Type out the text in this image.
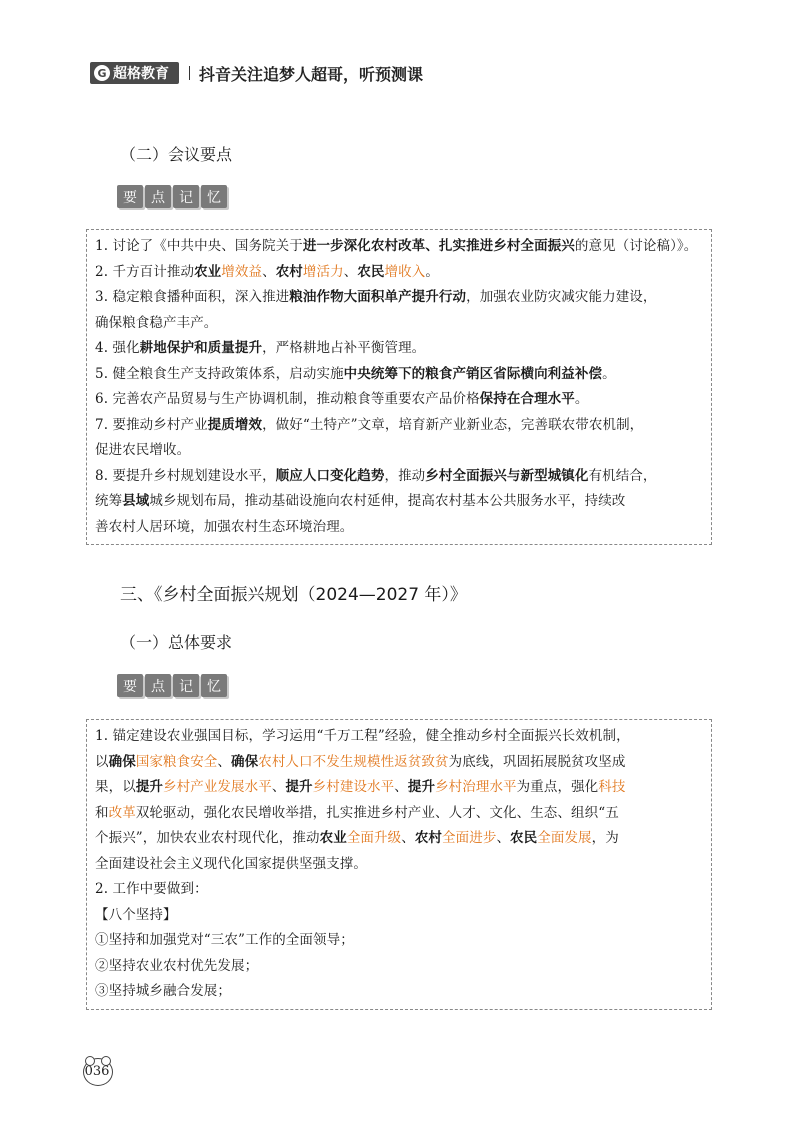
G 超格教育 抖音关注追梦人超哥，听预测课
（二）会议要点
要	点	记	忆
1. 讨论了《中共中央、国务院关于进一步深化农村改革、扎实推进乡村全面振兴的意见（讨论稿）》。
2. 千方百计推动农业增效益、农村增活力、农民增收入。
3. 稳定粮食播种面积，深入推进粮油作物大面积单产提升行动，加强农业防灾减灾能力建设，
确保粮食稳产丰产。
4. 强化耕地保护和质量提升，严格耕地占补平衡管理。
5. 健全粮食生产支持政策体系，启动实施中央统筹下的粮食产销区省际横向利益补偿。
6. 完善农产品贸易与生产协调机制，推动粮食等重要农产品价格保持在合理水平。
7. 要推动乡村产业提质增效，做好“土特产”文章，培育新产业新业态，完善联农带农机制，
促进农民增收。
8. 要提升乡村规划建设水平，顺应人口变化趋势，推动乡村全面振兴与新型城镇化有机结合，
统筹县域城乡规划布局，推动基础设施向农村延伸，提高农村基本公共服务水平，持续改
善农村人居环境，加强农村生态环境治理。
三、《乡村全面振兴规划（2024—2027 年）》
（一）总体要求
要	点	记	忆
1. 锚定建设农业强国目标，学习运用“千万工程”经验，健全推动乡村全面振兴长效机制，
以确保国家粮食安全、确保农村人口不发生规模性返贫致贫为底线，巩固拓展脱贫攻坚成
果，以提升乡村产业发展水平、提升乡村建设水平、提升乡村治理水平为重点，强化科技
和改革双轮驱动，强化农民增收举措，扎实推进乡村产业、人才、文化、生态、组织“五
个振兴”，加快农业农村现代化，推动农业全面升级、农村全面进步、农民全面发展，为
全面建设社会主义现代化国家提供坚强支撑。
2. 工作中要做到：
【八个坚持】
①坚持和加强党对“三农”工作的全面领导；
②坚持农业农村优先发展；
③坚持城乡融合发展；
036
